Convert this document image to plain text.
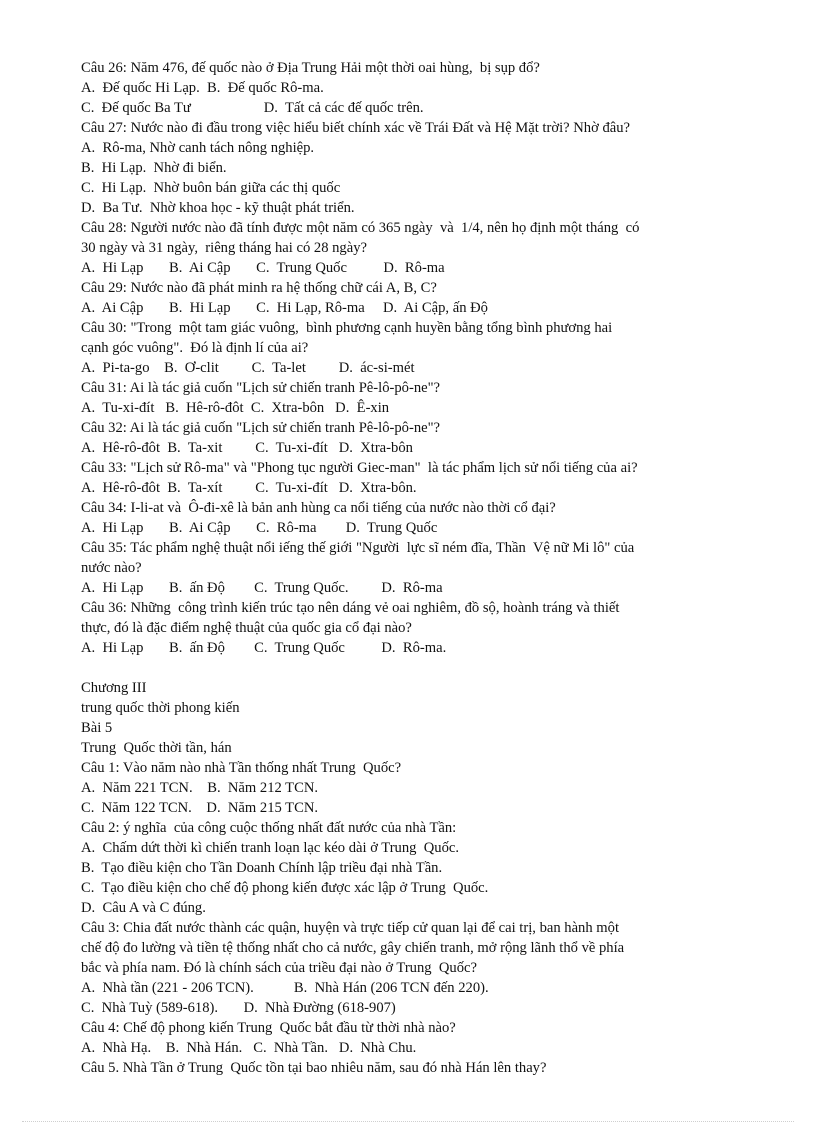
Câu 26: Năm 476, đế quốc nào ở Địa Trung Hải một thời oai hùng,  bị sụp đổ?
A.  Đế quốc Hi Lạp.  B.  Đế quốc Rô-ma.
C.  Đế quốc Ba Tư                    D.  Tất cả các đế quốc trên.
Câu 27: Nước nào đi đầu trong việc hiểu biết chính xác về Trái Đất và Hệ Mặt trời? Nhờ đâu?
A.  Rô-ma, Nhờ canh tách nông nghiệp.
B.  Hi Lạp.  Nhờ đi biển.
C.  Hi Lạp.  Nhờ buôn bán giữa các thị quốc
D.  Ba Tư.  Nhờ khoa học - kỹ thuật phát triển.
Câu 28: Người nước nào đã tính được một năm có 365 ngày  và  1/4, nên họ định một tháng  có
30 ngày và 31 ngày,  riêng tháng hai có 28 ngày?
A.  Hi Lạp       B.  Ai Cập       C.  Trung Quốc          D.  Rô-ma
Câu 29: Nước nào đã phát minh ra hệ thống chữ cái A, B, C?
A.  Ai Cập       B.  Hi Lạp       C.  Hi Lạp, Rô-ma     D.  Ai Cập, ấn Độ
Câu 30: "Trong  một tam giác vuông,  bình phương cạnh huyền bằng tổng bình phương hai
cạnh góc vuông".  Đó là định lí của ai?
A.  Pi-ta-go    B.  Ơ-clit         C.  Ta-let         D.  ác-si-mét
Câu 31: Ai là tác giả cuốn "Lịch sử chiến tranh Pê-lô-pô-ne"?
A.  Tu-xi-đít   B.  Hê-rô-đôt  C.  Xtra-bôn   D.  Ê-xin
Câu 32: Ai là tác giả cuốn "Lịch sử chiến tranh Pê-lô-pô-ne"?
A.  Hê-rô-đôt  B.  Ta-xit         C.  Tu-xi-đít   D.  Xtra-bôn
Câu 33: "Lịch sử Rô-ma" và "Phong tục người Giec-man"  là tác phẩm lịch sử nổi tiếng của ai?
A.  Hê-rô-đôt  B.  Ta-xít         C.  Tu-xi-đít   D.  Xtra-bôn.
Câu 34: I-li-at và  Ô-đi-xê là bản anh hùng ca nổi tiếng của nước nào thời cổ đại?
A.  Hi Lạp       B.  Ai Cập       C.  Rô-ma        D.  Trung Quốc
Câu 35: Tác phẩm nghệ thuật nổi iếng thế giới "Người  lực sĩ ném đĩa, Thần  Vệ nữ Mi lô" của
nước nào?
A.  Hi Lạp       B.  ấn Độ        C.  Trung Quốc.         D.  Rô-ma
Câu 36: Những  công trình kiến trúc tạo nên dáng vẻ oai nghiêm, đồ sộ, hoành tráng và thiết
thực, đó là đặc điểm nghệ thuật của quốc gia cổ đại nào?
A.  Hi Lạp       B.  ấn Độ        C.  Trung Quốc          D.  Rô-ma.
Chương III
trung quốc thời phong kiến
Bài 5
Trung  Quốc thời tần, hán
Câu 1: Vào năm nào nhà Tần thống nhất Trung  Quốc?
A.  Năm 221 TCN.    B.  Năm 212 TCN.
C.  Năm 122 TCN.    D.  Năm 215 TCN.
Câu 2: ý nghĩa  của công cuộc thống nhất đất nước của nhà Tần:
A.  Chấm dứt thời kì chiến tranh loạn lạc kéo dài ở Trung  Quốc.
B.  Tạo điều kiện cho Tần Doanh Chính lập triều đại nhà Tần.
C.  Tạo điều kiện cho chế độ phong kiến được xác lập ở Trung  Quốc.
D.  Câu A và C đúng.
Câu 3: Chia đất nước thành các quận, huyện và trực tiếp cử quan lại để cai trị, ban hành một
chế độ đo lường và tiền tệ thống nhất cho cả nước, gây chiến tranh, mở rộng lãnh thổ về phía
bắc và phía nam. Đó là chính sách của triều đại nào ở Trung  Quốc?
A.  Nhà tần (221 - 206 TCN).           B.  Nhà Hán (206 TCN đến 220).
C.  Nhà Tuỳ (589-618).       D.  Nhà Đường (618-907)
Câu 4: Chế độ phong kiến Trung  Quốc bắt đầu từ thời nhà nào?
A.  Nhà Hạ.    B.  Nhà Hán.   C.  Nhà Tần.   D.  Nhà Chu.
Câu 5. Nhà Tần ở Trung  Quốc tồn tại bao nhiêu năm, sau đó nhà Hán lên thay?
